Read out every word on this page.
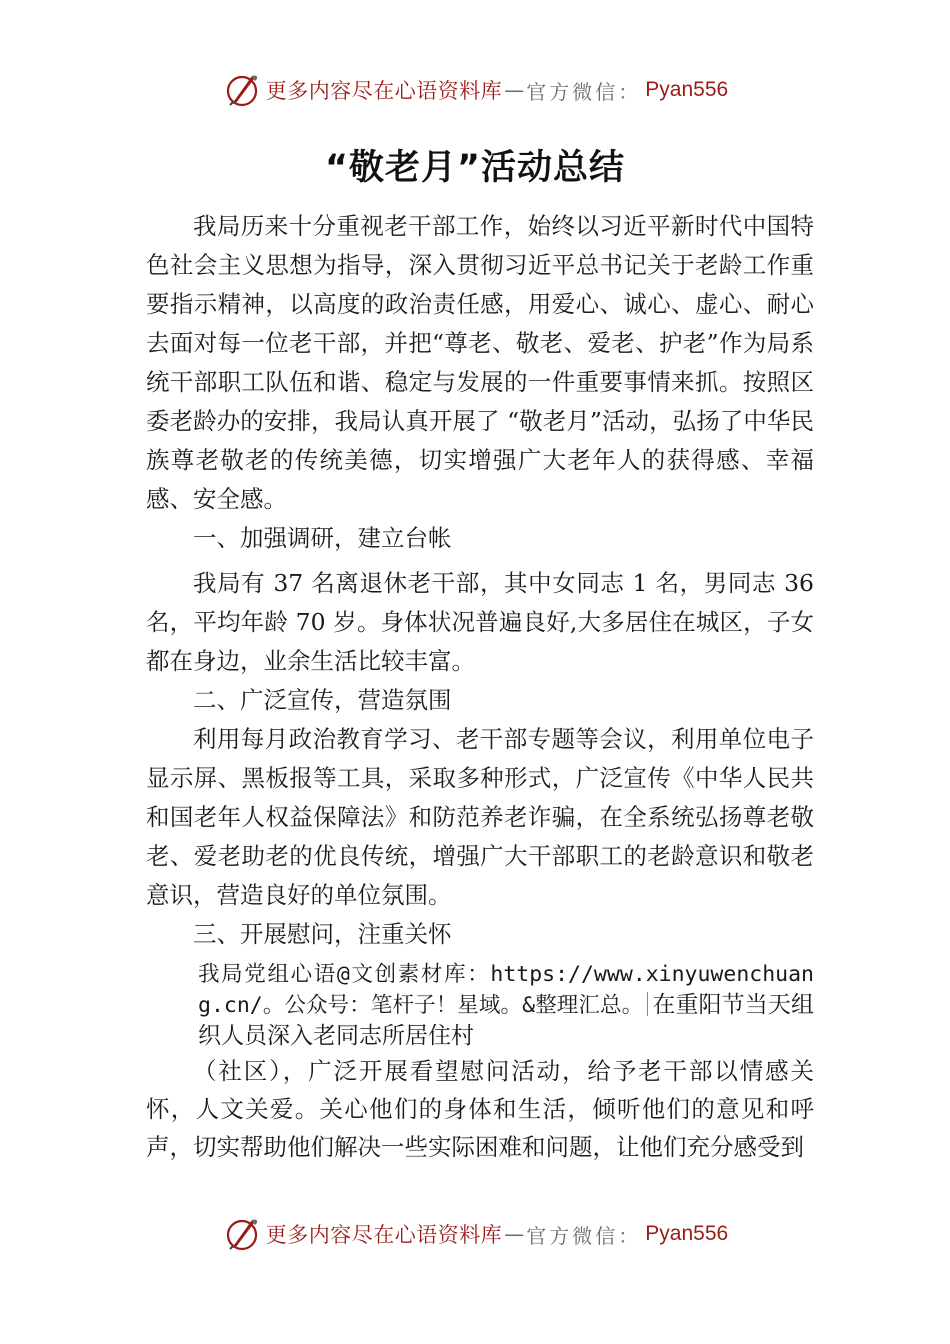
更多内容尽在心语资料库 — 官方微信： Pyan556
“敬老月”活动总结

我局历来十分重视老干部工作，始终以习近平新时代中国特色社会主义思想为指导，深入贯彻习近平总书记关于老龄工作重要指示精神，以高度的政治责任感，用爱心、诚心、虚心、耐心去面对每一位老干部，并把“尊老、敬老、爱老、护老”作为局系统干部职工队伍和谐、稳定与发展的一件重要事情来抓。按照区委老龄办的安排，我局认真开展了 “敬老月”活动，弘扬了中华民族尊老敬老的传统美德，切实增强广大老年人的获得感、幸福感、安全感。

一、加强调研，建立台帐

我局有 37 名离退休老干部，其中女同志 1 名，男同志 36 名，平均年龄 70 岁。身体状况普遍良好,大多居住在城区，子女都在身边，业余生活比较丰富。

二、广泛宣传，营造氛围

利用每月政治教育学习、老干部专题等会议，利用单位电子显示屏、黑板报等工具，采取多种形式，广泛宣传《中华人民共和国老年人权益保障法》和防范养老诈骗，在全系统弘扬尊老敬老、爱老助老的优良传统，增强广大干部职工的老龄意识和敬老意识，营造良好的单位氛围。

三、开展慰问，注重关怀

我局党组心语@文创素材库：https://www.xinyuwenchuang.cn/。公众号：笔杆子！星域。&整理汇总。 在重阳节当天组织人员深入老同志所居住村

（社区），广泛开展看望慰问活动，给予老干部以情感关怀，人文关爱。关心他们的身体和生活，倾听他们的意见和呼声，切实帮助他们解决一些实际困难和问题，让他们充分感受到

更多内容尽在心语资料库 — 官方微信： Pyan556
